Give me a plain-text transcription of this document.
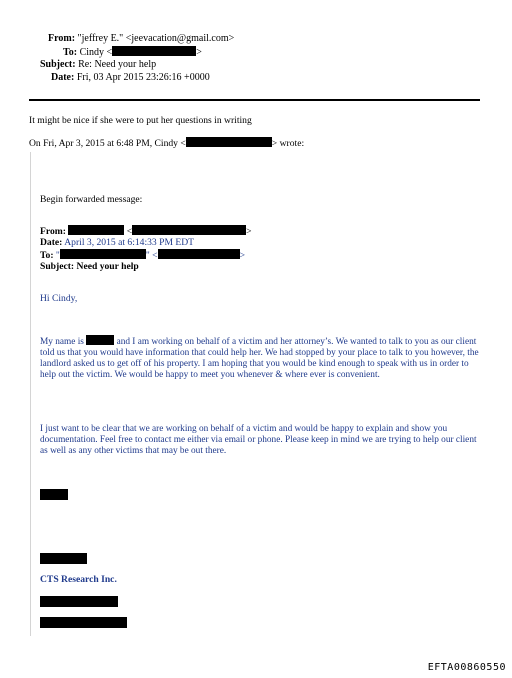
From: "jeffrey E." <jeevacation@gmail.com>
To: Cindy <	>
Subject: Re: Need your help
Date: Fri, 03 Apr 2015 23:26:16 +0000
It might be nice if she were to put her questions in writing
On Fri, Apr 3, 2015 at 6:48 PM, Cindy <	> wrote:
Begin forwarded message:
From:	<	>
Date: April 3, 2015 at 6:14:33 PM EDT
To: "	" <	>
Subject: Need your help
Hi Cindy,
My name is	and I am working on behalf of a victim and her attorney’s. We wanted to talk to you as our client told us that you would have information that could help her. We had stopped by your place to talk to you however, the landlord asked us to get off of his property. I am hoping that you would be kind enough to speak with us in order to help out the victim. We would be happy to meet you whenever & where ever is convenient.
I just want to be clear that we are working on behalf of a victim and would be happy to explain and show you documentation. Feel free to contact me either via email or phone. Please keep in mind we are trying to help our client as well as any other victims that may be out there.
CTS Research Inc.
EFTA00860550
